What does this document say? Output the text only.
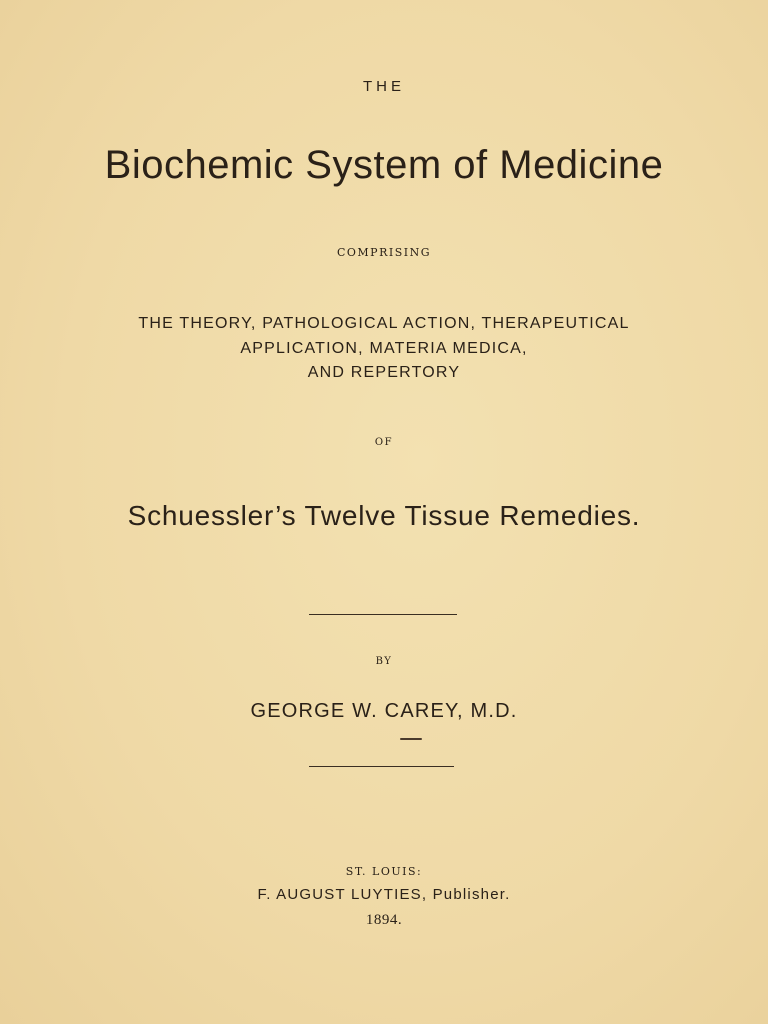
THE
Biochemic System of Medicine
COMPRISING
THE THEORY, PATHOLOGICAL ACTION, THERAPEUTICAL
APPLICATION, MATERIA MEDICA,
AND REPERTORY
OF
Schuessler’s Twelve Tissue Remedies.
BY
GEORGE W. CAREY, M.D.
ST. LOUIS:
F. AUGUST LUYTIES, Publisher.
1894.
